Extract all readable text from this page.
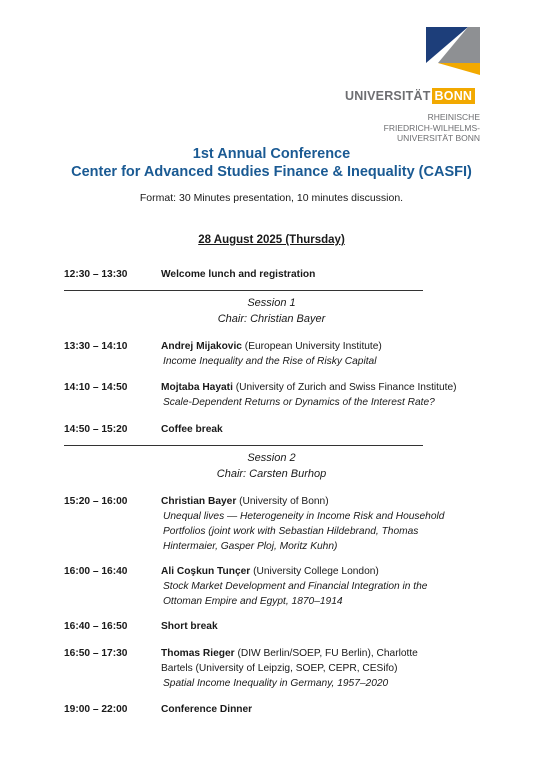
UNIVERSITÄT BONN
RHEINISCHE
FRIEDRICH-WILHELMS-
UNIVERSITÄT BONN
1st Annual Conference
Center for Advanced Studies Finance & Inequality (CASFI)
Format: 30 Minutes presentation, 10 minutes discussion.
28 August 2025 (Thursday)
12:30 – 13:30	Welcome lunch and registration
Session 1
Chair: Christian Bayer
13:30 – 14:10	Andrej Mijakovic (European University Institute)
Income Inequality and the Rise of Risky Capital
14:10 – 14:50	Mojtaba Hayati (University of Zurich and Swiss Finance Institute)
Scale-Dependent Returns or Dynamics of the Interest Rate?
14:50 – 15:20	Coffee break
Session 2
Chair: Carsten Burhop
15:20 – 16:00	Christian Bayer (University of Bonn)
Unequal lives — Heterogeneity in Income Risk and Household Portfolios (joint work with Sebastian Hildebrand, Thomas Hintermaier, Gasper Ploj, Moritz Kuhn)
16:00 – 16:40	Ali Coşkun Tunçer (University College London)
Stock Market Development and Financial Integration in the Ottoman Empire and Egypt, 1870–1914
16:40 – 16:50	Short break
16:50 – 17:30	Thomas Rieger (DIW Berlin/SOEP, FU Berlin), Charlotte Bartels (University of Leipzig, SOEP, CEPR, CESifo)
Spatial Income Inequality in Germany, 1957–2020
19:00 – 22:00	Conference Dinner
